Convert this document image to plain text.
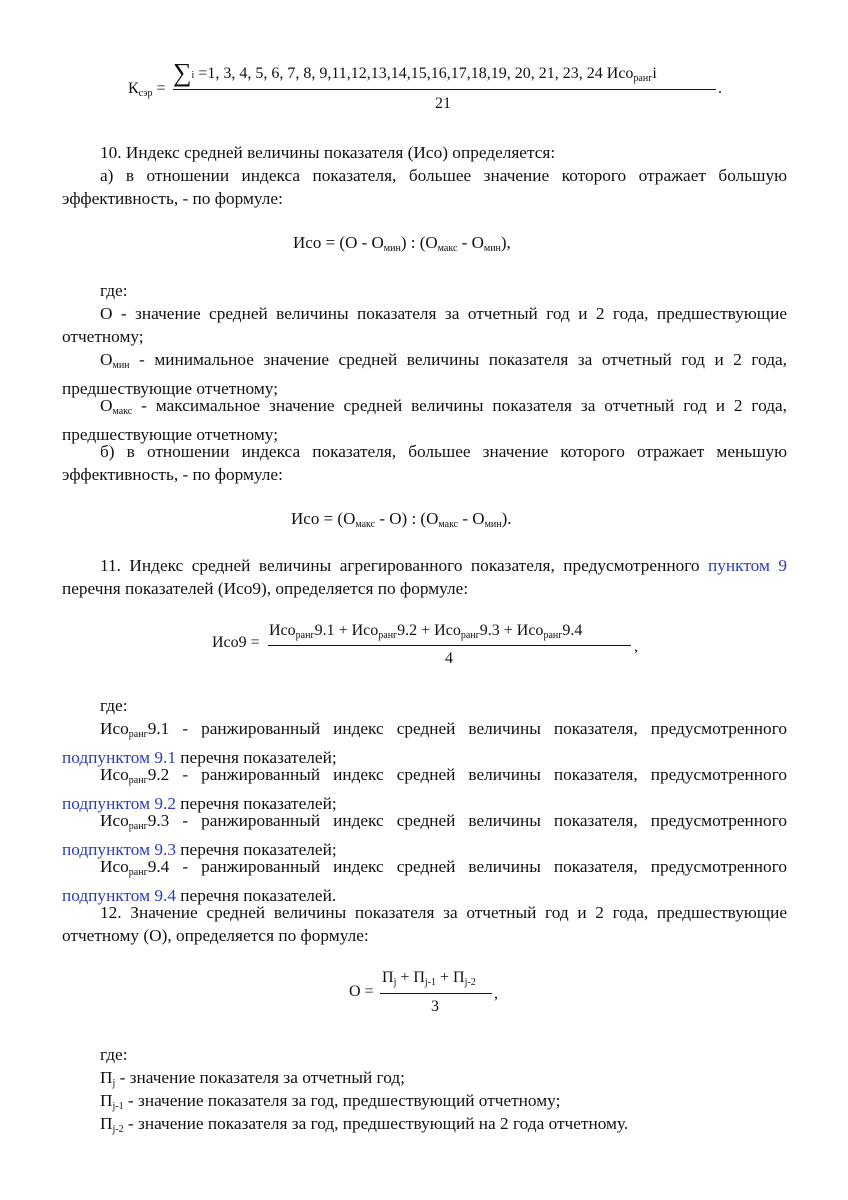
$К_{сэр}$ =
∑i =1, 3, 4, 5, 6, 7, 8, 9,11,12,13,14,15,16,17,18,19, 20, 21, 23, 24 Исо$_{ранг}$i
21
.

10. Индекс средней величины показателя (Исо) определяется:

а) в отношении индекса показателя, большее значение которого отражает большую эффективность, - по формуле:

Исо = $(О - О_{мин})$ : $(О_{макс} - О_{мин})$,

где:

О - значение средней величины показателя за отчетный год и 2 года, предшествующие отчетному;

$О_{мин}$ - минимальное значение средней величины показателя за отчетный год и 2 года, предшествующие отчетному;

$О_{макс}$ - максимальное значение средней величины показателя за отчетный год и 2 года, предшествующие отчетному;

б) в отношении индекса показателя, большее значение которого отражает меньшую эффективность, - по формуле:

Исо = $(О_{макс} - О)$ : $(О_{макс} - О_{мин})$.

11. Индекс средней величины агрегированного показателя, предусмотренного пунктом 9 перечня показателей (Исо9), определяется по формуле:

Исо9 =
Исо$_{ранг}$9.1 + Исо$_{ранг}$9.2 + Исо$_{ранг}$9.3 + Исо$_{ранг}$9.4
4
,

где:

Исо$_{ранг}$9.1 - ранжированный индекс средней величины показателя, предусмотренного подпунктом 9.1 перечня показателей;

Исо$_{ранг}$9.2 - ранжированный индекс средней величины показателя, предусмотренного подпунктом 9.2 перечня показателей;

Исо$_{ранг}$9.3 - ранжированный индекс средней величины показателя, предусмотренного подпунктом 9.3 перечня показателей;

Исо$_{ранг}$9.4 - ранжированный индекс средней величины показателя, предусмотренного подпунктом 9.4 перечня показателей.

12. Значение средней величины показателя за отчетный год и 2 года, предшествующие отчетному (О), определяется по формуле:

О =
$П_j + П_{j-1} + П_{j-2}$
3
,

где:

$П_j$ - значение показателя за отчетный год;

$П_{j-1}$ - значение показателя за год, предшествующий отчетному;

$П_{j-2}$ - значение показателя за год, предшествующий на 2 года отчетному.
